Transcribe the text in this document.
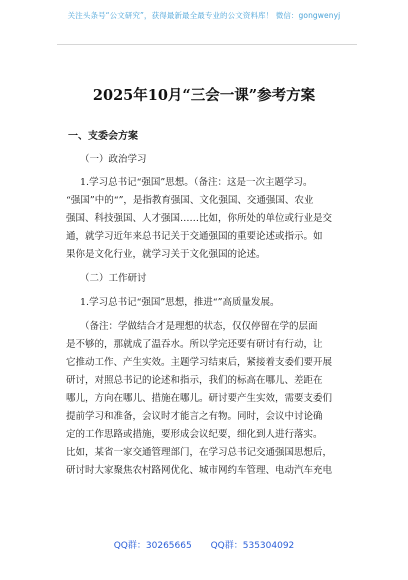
关注头条号“公文研究”，获得最新最全最专业的公文资料库！ 微信：gongwenyj
2025年10月“三会一课”参考方案
一、支委会方案
（一）政治学习
1.学习总书记“强国”思想。（备注：这是一次主题学习。
“强国”中的“”，是指教育强国、文化强国、交通强国、农业
强国、科技强国、人才强国……比如，你所处的单位或行业是交
通，就学习近年来总书记关于交通强国的重要论述或指示。如
果你是文化行业，就学习关于文化强国的论述。
（二）工作研讨
1.学习总书记“强国”思想，推进“”高质量发展。
（备注：学做结合才是理想的状态，仅仅停留在学的层面
是不够的，那就成了温吞水。所以学完还要有研讨有行动，让
它推动工作、产生实效。主题学习结束后，紧接着支委们要开展
研讨，对照总书记的论述和指示，我们的标高在哪儿、差距在
哪儿，方向在哪儿、措施在哪儿。研讨要产生实效，需要支委们
提前学习和准备，会议时才能言之有物。同时，会议中讨论确
定的工作思路或措施，要形成会议纪要，细化到人进行落实。
比如，某省一家交通管理部门，在学习总书记交通强国思想后，
研讨时大家聚焦农村路网优化、城市网约车管理、电动汽车充电
QQ群：30265665 QQ群：535304092
